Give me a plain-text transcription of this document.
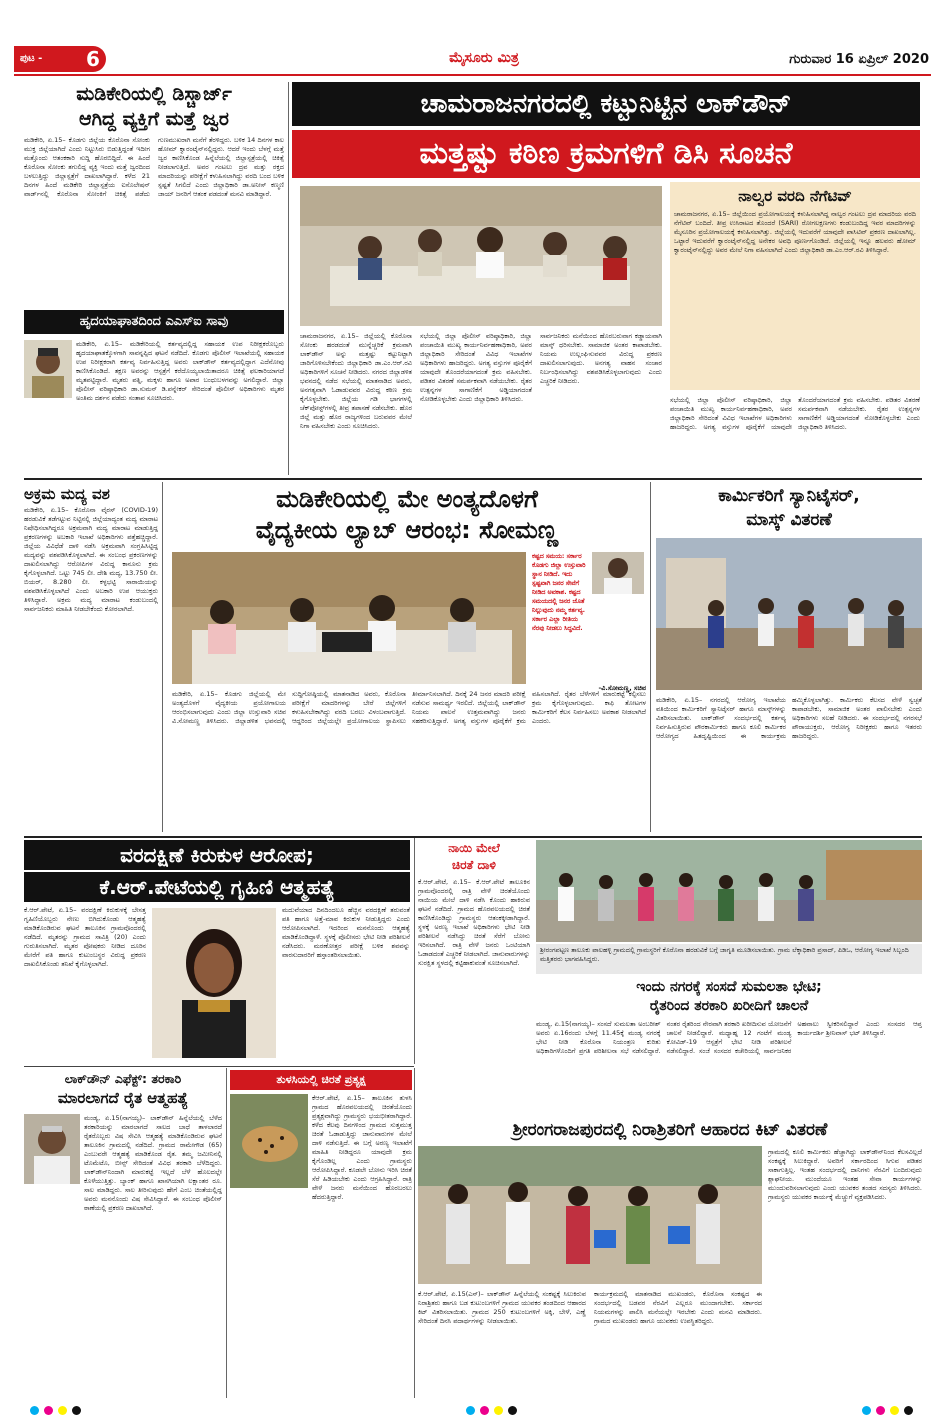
ಪುಟ - 6	ಮೈಸೂರು ಮಿತ್ರ	ಗುರುವಾರ 16 ಏಪ್ರಿಲ್ 2020
ಮಡಿಕೇರಿಯಲ್ಲಿ ಡಿಸ್ಚಾರ್ಜ್
ಆಗಿದ್ದ ವ್ಯಕ್ತಿಗೆ ಮತ್ತೆ ಜ್ವರ
ಮಡಿಕೇರಿ, ಏ.15– ಕೊಡಗು ಜಿಲ್ಲೆಯ ಕೊರೊನಾ ಸೋಂಕು ಮುಕ್ತ ಜಿಲ್ಲೆಯಾಗಿದೆ ಎಂದು ನಿಟ್ಟುಸಿರು ಬಿಡುತ್ತಿದ್ದಂತೆ ಇದೀಗ ಮತ್ತೊಂದು ಆತಂಕಕಾರಿ ಸುದ್ದಿ ಹೊರಬಿದ್ದಿದೆ. ಈ ಹಿಂದೆ ಕೊರೊನಾ ಸೋಂಕು ತಗುಲಿದ್ದ ವ್ಯಕ್ತಿ ಇಂದು ಮತ್ತೆ ಜ್ವರದಿಂದ ಬಳಲುತ್ತಿದ್ದು ಜಿಲ್ಲಾಸ್ಪತ್ರೆಗೆ ದಾಖಲಾಗಿದ್ದಾರೆ. ಕಳೆದ 21 ದಿನಗಳ ಹಿಂದೆ ಮಡಿಕೇರಿ ಜಿಲ್ಲಾಸ್ಪತ್ರೆಯ ಐಸೊಲೇಷನ್ ವಾರ್ಡ್‌ನಲ್ಲಿ ಕೊರೊನಾ ಸೋಂಕಿಗೆ ಚಿಕಿತ್ಸೆ ಪಡೆದು ಗುಣಮುಖರಾಗಿ ಮನೆಗೆ ತೆರಳಿದ್ದರು. ಬಳಿಕ 14 ದಿನಗಳ ಕಾಲ ಹೋಮ್ ಕ್ವಾರಂಟೈನ್‌ನಲ್ಲಿದ್ದರು. ಆದರೆ ಇಂದು ಬೆಳಗ್ಗೆ ಮತ್ತೆ ಜ್ವರ ಕಾಣಿಸಿಕೊಂಡ ಹಿನ್ನೆಲೆಯಲ್ಲಿ ಜಿಲ್ಲಾಸ್ಪತ್ರೆಯಲ್ಲಿ ಚಿಕಿತ್ಸೆ ನೀಡಲಾಗುತ್ತಿದೆ. ಅವರ ಗಂಟಲು ದ್ರವ ಮತ್ತು ರಕ್ತದ ಮಾದರಿಯನ್ನು ಪರೀಕ್ಷೆಗೆ ಕಳುಹಿಸಲಾಗಿದ್ದು ವರದಿ ಬಂದ ಬಳಿಕ ಸ್ಪಷ್ಟತೆ ಸಿಗಲಿದೆ ಎಂದು ಜಿಲ್ಲಾಧಿಕಾರಿ ಡಾ.ಅನೀಸ್ ಕಣ್ಮಣಿ ಜಾಯ್ ಜನರಿಗೆ ಆತಂಕ ಪಡದಂತೆ ಮನವಿ ಮಾಡಿದ್ದಾರೆ.
ಹೃದಯಾಘಾತದಿಂದ ಎಎಸ್‌ಐ ಸಾವು
ಮಡಿಕೇರಿ, ಏ.15– ಮಡಿಕೇರಿಯಲ್ಲಿ ಕರ್ತವ್ಯದಲ್ಲಿದ್ದ ಸಹಾಯಕ ಉಪ ನಿರೀಕ್ಷಕರೊಬ್ಬರು ಹೃದಯಾಘಾತಕ್ಕೊಳಗಾಗಿ ಸಾವನ್ನಪ್ಪಿದ ಘಟನೆ ನಡೆದಿದೆ. ಕೊಡಗು ಪೊಲೀಸ್ ಇಲಾಖೆಯಲ್ಲಿ ಸಹಾಯಕ ಉಪ ನಿರೀಕ್ಷಕರಾಗಿ ಕರ್ತವ್ಯ ನಿರ್ವಹಿಸುತ್ತಿದ್ದ ಅವರು ಲಾಕ್‌ಡೌನ್ ಕರ್ತವ್ಯದಲ್ಲಿದ್ದಾಗ ಎದೆನೋವು ಕಾಣಿಸಿಕೊಂಡಿದೆ. ತಕ್ಷಣ ಅವರನ್ನು ಆಸ್ಪತ್ರೆಗೆ ಕರೆದೊಯ್ಯಲಾಯಿತಾದರೂ ಚಿಕಿತ್ಸೆ ಫಲಕಾರಿಯಾಗದೆ ಮೃತಪಟ್ಟಿದ್ದಾರೆ. ಮೃತರು ಪತ್ನಿ, ಮಕ್ಕಳು ಹಾಗೂ ಅಪಾರ ಬಂಧುಬಳಗವನ್ನು ಅಗಲಿದ್ದಾರೆ. ಜಿಲ್ಲಾ ಪೊಲೀಸ್ ವರಿಷ್ಠಾಧಿಕಾರಿ ಡಾ.ಸುಮನ್ ಡಿ.ಪನ್ನೇಕರ್ ಸೇರಿದಂತೆ ಪೊಲೀಸ್ ಅಧಿಕಾರಿಗಳು ಮೃತರ ಅಂತಿಮ ದರ್ಶನ ಪಡೆದು ಸಂತಾಪ ಸೂಚಿಸಿದರು.
ಚಾಮರಾಜನಗರದಲ್ಲಿ ಕಟ್ಟುನಿಟ್ಟಿನ ಲಾಕ್‌ಡೌನ್
ಮತ್ತಷ್ಟು ಕಠಿಣ ಕ್ರಮಗಳಿಗೆ ಡಿಸಿ ಸೂಚನೆ
ಚಾಮರಾಜನಗರ, ಏ.15– ಜಿಲ್ಲೆಯಲ್ಲಿ ಕೊರೊನಾ ಸೋಂಕು ಹರಡದಂತೆ ಮುನ್ನೆಚ್ಚರಿಕೆ ಕ್ರಮವಾಗಿ ಲಾಕ್‌ಡೌನ್ ಅನ್ನು ಮತ್ತಷ್ಟು ಕಟ್ಟುನಿಟ್ಟಾಗಿ ಜಾರಿಗೊಳಿಸಬೇಕೆಂದು ಜಿಲ್ಲಾಧಿಕಾರಿ ಡಾ.ಎಂ.ಆರ್.ರವಿ ಅಧಿಕಾರಿಗಳಿಗೆ ಸೂಚನೆ ನೀಡಿದರು. ನಗರದ ಜಿಲ್ಲಾಡಳಿತ ಭವನದಲ್ಲಿ ನಡೆದ ಸಭೆಯಲ್ಲಿ ಮಾತನಾಡಿದ ಅವರು, ಅನಗತ್ಯವಾಗಿ ಓಡಾಡುವವರ ವಿರುದ್ಧ ಕಠಿಣ ಕ್ರಮ ಕೈಗೊಳ್ಳಬೇಕು. ಜಿಲ್ಲೆಯ ಗಡಿ ಭಾಗಗಳಲ್ಲಿ ಚೆಕ್‌ಪೋಸ್ಟ್‌ಗಳಲ್ಲಿ ತೀವ್ರ ತಪಾಸಣೆ ನಡೆಸಬೇಕು. ಹೊರ ಜಿಲ್ಲೆ ಮತ್ತು ಹೊರ ರಾಜ್ಯಗಳಿಂದ ಬರುವವರ ಮೇಲೆ ನಿಗಾ ವಹಿಸಬೇಕು ಎಂದು ಸೂಚಿಸಿದರು.
ಸಭೆಯಲ್ಲಿ ಜಿಲ್ಲಾ ಪೊಲೀಸ್ ವರಿಷ್ಠಾಧಿಕಾರಿ, ಜಿಲ್ಲಾ ಪಂಚಾಯಿತಿ ಮುಖ್ಯ ಕಾರ್ಯನಿರ್ವಹಣಾಧಿಕಾರಿ, ಅಪರ ಜಿಲ್ಲಾಧಿಕಾರಿ ಸೇರಿದಂತೆ ವಿವಿಧ ಇಲಾಖೆಗಳ ಅಧಿಕಾರಿಗಳು ಹಾಜರಿದ್ದರು. ಅಗತ್ಯ ವಸ್ತುಗಳ ಪೂರೈಕೆಗೆ ಯಾವುದೇ ತೊಂದರೆಯಾಗದಂತೆ ಕ್ರಮ ವಹಿಸಬೇಕು. ಪಡಿತರ ವಿತರಣೆ ಸಮರ್ಪಕವಾಗಿ ನಡೆಯಬೇಕು. ರೈತರ ಉತ್ಪನ್ನಗಳ ಸಾಗಾಣಿಕೆಗೆ ಅಡ್ಡಿಯಾಗದಂತೆ ನೋಡಿಕೊಳ್ಳಬೇಕು ಎಂದು ಜಿಲ್ಲಾಧಿಕಾರಿ ತಿಳಿಸಿದರು.
ಸಾರ್ವಜನಿಕರು ಮನೆಯಿಂದ ಹೊರಬರುವಾಗ ಕಡ್ಡಾಯವಾಗಿ ಮಾಸ್ಕ್ ಧರಿಸಬೇಕು. ಸಾಮಾಜಿಕ ಅಂತರ ಕಾಪಾಡಬೇಕು. ನಿಯಮ ಉಲ್ಲಂಘಿಸುವವರ ವಿರುದ್ಧ ಪ್ರಕರಣ ದಾಖಲಿಸಲಾಗುವುದು. ಅನಗತ್ಯ ವಾಹನ ಸಂಚಾರ ನಿರ್ಬಂಧಿಸಲಾಗಿದ್ದು ವಶಪಡಿಸಿಕೊಳ್ಳಲಾಗುವುದು ಎಂದು ಎಚ್ಚರಿಕೆ ನೀಡಿದರು.
ನಾಲ್ವರ ವರದಿ ನೆಗೆಟಿವ್
ಚಾಮರಾಜನಗರ, ಏ.15– ಜಿಲ್ಲೆಯಿಂದ ಪ್ರಯೋಗಾಲಯಕ್ಕೆ ಕಳುಹಿಸಲಾಗಿದ್ದ ನಾಲ್ವರ ಗಂಟಲು ದ್ರವ ಮಾದರಿಯ ವರದಿ ನೆಗೆಟಿವ್ ಬಂದಿದೆ. ತೀವ್ರ ಉಸಿರಾಟದ ತೊಂದರೆ (SARI) ರೋಗಲಕ್ಷಣಗಳು ಕಂಡುಬಂದಿದ್ದ ಇವರ ಮಾದರಿಗಳನ್ನು ಮೈಸೂರಿನ ಪ್ರಯೋಗಾಲಯಕ್ಕೆ ಕಳುಹಿಸಲಾಗಿತ್ತು. ಜಿಲ್ಲೆಯಲ್ಲಿ ಇದುವರೆಗೆ ಯಾವುದೇ ಪಾಸಿಟಿವ್ ಪ್ರಕರಣ ದಾಖಲಾಗಿಲ್ಲ. ಒಟ್ಟಾರೆ ಇದುವರೆಗೆ ಕ್ವಾರಂಟೈನ್‌ನಲ್ಲಿದ್ದ ಅನೇಕರ ಅವಧಿ ಪೂರ್ಣಗೊಂಡಿದೆ. ಜಿಲ್ಲೆಯಲ್ಲಿ ಇನ್ನೂ ಹಲವರು ಹೋಮ್ ಕ್ವಾರಂಟೈನ್‌ನಲ್ಲಿದ್ದು ಅವರ ಮೇಲೆ ನಿಗಾ ವಹಿಸಲಾಗಿದೆ ಎಂದು ಜಿಲ್ಲಾಧಿಕಾರಿ ಡಾ.ಎಂ.ಆರ್.ರವಿ ತಿಳಿಸಿದ್ದಾರೆ.
ಸಭೆಯಲ್ಲಿ ಜಿಲ್ಲಾ ಪೊಲೀಸ್ ವರಿಷ್ಠಾಧಿಕಾರಿ, ಜಿಲ್ಲಾ ಪಂಚಾಯಿತಿ ಮುಖ್ಯ ಕಾರ್ಯನಿರ್ವಹಣಾಧಿಕಾರಿ, ಅಪರ ಜಿಲ್ಲಾಧಿಕಾರಿ ಸೇರಿದಂತೆ ವಿವಿಧ ಇಲಾಖೆಗಳ ಅಧಿಕಾರಿಗಳು ಹಾಜರಿದ್ದರು. ಅಗತ್ಯ ವಸ್ತುಗಳ ಪೂರೈಕೆಗೆ ಯಾವುದೇ ತೊಂದರೆಯಾಗದಂತೆ ಕ್ರಮ ವಹಿಸಬೇಕು. ಪಡಿತರ ವಿತರಣೆ ಸಮರ್ಪಕವಾಗಿ ನಡೆಯಬೇಕು. ರೈತರ ಉತ್ಪನ್ನಗಳ ಸಾಗಾಣಿಕೆಗೆ ಅಡ್ಡಿಯಾಗದಂತೆ ನೋಡಿಕೊಳ್ಳಬೇಕು ಎಂದು ಜಿಲ್ಲಾಧಿಕಾರಿ ತಿಳಿಸಿದರು.
ಅಕ್ರಮ ಮದ್ಯ ವಶ
ಮಡಿಕೇರಿ, ಏ.15– ಕೊರೊನಾ ವೈರಸ್ (COVID-19) ಹರಡುವಿಕೆ ತಡೆಗಟ್ಟುವ ನಿಟ್ಟಿನಲ್ಲಿ ಜಿಲ್ಲೆಯಾದ್ಯಂತ ಮದ್ಯ ಮಾರಾಟ ನಿಷೇಧಿಸಲಾಗಿದ್ದರೂ ಅಕ್ರಮವಾಗಿ ಮದ್ಯ ಮಾರಾಟ ಮಾಡುತ್ತಿದ್ದ ಪ್ರಕರಣಗಳನ್ನು ಅಬಕಾರಿ ಇಲಾಖೆ ಅಧಿಕಾರಿಗಳು ಪತ್ತೆಹಚ್ಚಿದ್ದಾರೆ. ಜಿಲ್ಲೆಯ ವಿವಿಧೆಡೆ ದಾಳಿ ನಡೆಸಿ ಅಕ್ರಮವಾಗಿ ಸಂಗ್ರಹಿಸಿಟ್ಟಿದ್ದ ಮದ್ಯವನ್ನು ವಶಪಡಿಸಿಕೊಳ್ಳಲಾಗಿದೆ. ಈ ಸಂಬಂಧ ಪ್ರಕರಣಗಳನ್ನು ದಾಖಲಿಸಲಾಗಿದ್ದು ಆರೋಪಿಗಳ ವಿರುದ್ಧ ಕಾನೂನು ಕ್ರಮ ಕೈಗೊಳ್ಳಲಾಗಿದೆ. ಒಟ್ಟು 745 ಲೀ. ದೇಶಿ ಮದ್ಯ, 13.750 ಲೀ. ಬಿಯರ್, 8.280 ಲೀ. ಕಳ್ಳಭಟ್ಟಿ ಸಾರಾಯಿಯನ್ನು ವಶಪಡಿಸಿಕೊಳ್ಳಲಾಗಿದೆ ಎಂದು ಅಬಕಾರಿ ಉಪ ಆಯುಕ್ತರು ತಿಳಿಸಿದ್ದಾರೆ. ಅಕ್ರಮ ಮದ್ಯ ಮಾರಾಟ ಕಂಡುಬಂದಲ್ಲಿ ಸಾರ್ವಜನಿಕರು ಮಾಹಿತಿ ನೀಡಬೇಕೆಂದು ಕೋರಲಾಗಿದೆ.
ಮಡಿಕೇರಿಯಲ್ಲಿ ಮೇ ಅಂತ್ಯದೊಳಗೆ
ವೈದ್ಯಕೀಯ ಲ್ಯಾಬ್ ಆರಂಭ: ಸೋಮಣ್ಣ
ಕಷ್ಟದ ಸಮಯ: ಸರ್ಕಾರ ಕೊಡಗು ಜಿಲ್ಲಾ ಉಸ್ತುವಾರಿ ಸ್ಥಾನ ನೀಡಿದೆ. ಇದು ಸ್ಪಷ್ಟವಾಗಿ ಜನರ ಸೇವೆಗೆ ನೀಡಿದ ಅವಕಾಶ. ಕಷ್ಟದ ಸಮಯದಲ್ಲಿ ಜನರ ಜೊತೆ ನಿಲ್ಲುವುದು ನಮ್ಮ ಕರ್ತವ್ಯ. ಸರ್ಕಾರ ಎಲ್ಲಾ ರೀತಿಯ ನೆರವು ನೀಡಲು ಸಿದ್ಧವಿದೆ.
-ವಿ.ಸೋಮಣ್ಣ, ಸಚಿವ
ಮಡಿಕೇರಿ, ಏ.15– ಕೊಡಗು ಜಿಲ್ಲೆಯಲ್ಲಿ ಮೇ ಅಂತ್ಯದೊಳಗೆ ವೈದ್ಯಕೀಯ ಪ್ರಯೋಗಾಲಯ ಆರಂಭಿಸಲಾಗುವುದು ಎಂದು ಜಿಲ್ಲಾ ಉಸ್ತುವಾರಿ ಸಚಿವ ವಿ.ಸೋಮಣ್ಣ ತಿಳಿಸಿದರು. ಜಿಲ್ಲಾಡಳಿತ ಭವನದಲ್ಲಿ ಸುದ್ದಿಗೋಷ್ಠಿಯಲ್ಲಿ ಮಾತನಾಡಿದ ಅವರು, ಕೊರೊನಾ ಪರೀಕ್ಷೆಗೆ ಮಾದರಿಗಳನ್ನು ಬೇರೆ ಜಿಲ್ಲೆಗಳಿಗೆ ಕಳುಹಿಸಬೇಕಾಗಿದ್ದು ವರದಿ ಬರಲು ವಿಳಂಬವಾಗುತ್ತಿದೆ. ಆದ್ದರಿಂದ ಜಿಲ್ಲೆಯಲ್ಲೇ ಪ್ರಯೋಗಾಲಯ ಸ್ಥಾಪಿಸಲು ತೀರ್ಮಾನಿಸಲಾಗಿದೆ. ದಿನಕ್ಕೆ 24 ಜನರ ಮಾದರಿ ಪರೀಕ್ಷೆ ನಡೆಸುವ ಸಾಮರ್ಥ್ಯ ಇರಲಿದೆ. ಜಿಲ್ಲೆಯಲ್ಲಿ ಲಾಕ್‌ಡೌನ್ ನಿಯಮ ಪಾಲನೆ ಉತ್ತಮವಾಗಿದ್ದು ಜನರು ಸಹಕರಿಸುತ್ತಿದ್ದಾರೆ. ಅಗತ್ಯ ವಸ್ತುಗಳ ಪೂರೈಕೆಗೆ ಕ್ರಮ ವಹಿಸಲಾಗಿದೆ. ರೈತರ ಬೆಳೆಗಳಿಗೆ ಮಾರುಕಟ್ಟೆ ಕಲ್ಪಿಸಲು ಕ್ರಮ ಕೈಗೊಳ್ಳಲಾಗುವುದು. ಕಾಫಿ ತೋಟಗಳ ಕಾರ್ಮಿಕರಿಗೆ ಕೆಲಸ ನಿರ್ವಹಿಸಲು ಅವಕಾಶ ನೀಡಲಾಗಿದೆ ಎಂದರು.
ಕಾರ್ಮಿಕರಿಗೆ ಸ್ಯಾನಿಟೈಸರ್,
ಮಾಸ್ಕ್ ವಿತರಣೆ
ಮಡಿಕೇರಿ, ಏ.15– ನಗರದಲ್ಲಿ ಆರೋಗ್ಯ ಇಲಾಖೆಯ ವತಿಯಿಂದ ಕಾರ್ಮಿಕರಿಗೆ ಸ್ಯಾನಿಟೈಸರ್ ಹಾಗೂ ಮಾಸ್ಕ್‌ಗಳನ್ನು ವಿತರಿಸಲಾಯಿತು. ಲಾಕ್‌ಡೌನ್ ಸಂದರ್ಭದಲ್ಲಿ ಕರ್ತವ್ಯ ನಿರ್ವಹಿಸುತ್ತಿರುವ ಪೌರಕಾರ್ಮಿಕರು ಹಾಗೂ ಕೂಲಿ ಕಾರ್ಮಿಕರ ಆರೋಗ್ಯದ ಹಿತದೃಷ್ಟಿಯಿಂದ ಈ ಕಾರ್ಯಕ್ರಮ ಹಮ್ಮಿಕೊಳ್ಳಲಾಗಿತ್ತು. ಕಾರ್ಮಿಕರು ಕೆಲಸದ ವೇಳೆ ಸ್ವಚ್ಛತೆ ಕಾಪಾಡಬೇಕು, ಸಾಮಾಜಿಕ ಅಂತರ ಪಾಲಿಸಬೇಕು ಎಂದು ಅಧಿಕಾರಿಗಳು ಸಲಹೆ ನೀಡಿದರು. ಈ ಸಂದರ್ಭದಲ್ಲಿ ನಗರಸಭೆ ಪೌರಾಯುಕ್ತರು, ಆರೋಗ್ಯ ನಿರೀಕ್ಷಕರು ಹಾಗೂ ಇತರರು ಹಾಜರಿದ್ದರು.
ವರದಕ್ಷಿಣೆ ಕಿರುಕುಳ ಆರೋಪ;
ಕೆ.ಆರ್.ಪೇಟೆಯಲ್ಲಿ ಗೃಹಿಣಿ ಆತ್ಮಹತ್ಯೆ
ಕೆ.ಆರ್.ಪೇಟೆ, ಏ.15– ವರದಕ್ಷಿಣೆ ಕಿರುಕುಳಕ್ಕೆ ಬೇಸತ್ತ ಗೃಹಿಣಿಯೊಬ್ಬರು ನೇಣು ಬಿಗಿದುಕೊಂಡು ಆತ್ಮಹತ್ಯೆ ಮಾಡಿಕೊಂಡಿರುವ ಘಟನೆ ತಾಲೂಕಿನ ಗ್ರಾಮವೊಂದರಲ್ಲಿ ನಡೆದಿದೆ. ಮೃತರನ್ನು ಗ್ರಾಮದ ಸಾವಿತ್ರಿ (20) ಎಂದು ಗುರುತಿಸಲಾಗಿದೆ. ಮೃತರ ಪೋಷಕರು ನೀಡಿದ ದೂರಿನ ಮೇರೆಗೆ ಪತಿ ಹಾಗೂ ಕುಟುಂಬಸ್ಥರ ವಿರುದ್ಧ ಪ್ರಕರಣ ದಾಖಲಿಸಿಕೊಂಡು ತನಿಖೆ ಕೈಗೊಳ್ಳಲಾಗಿದೆ.
ಮದುವೆಯಾದ ದಿನದಿಂದಲೂ ಹೆಚ್ಚಿನ ವರದಕ್ಷಿಣೆ ತರುವಂತೆ ಪತಿ ಹಾಗೂ ಅತ್ತೆ-ಮಾವ ಕಿರುಕುಳ ನೀಡುತ್ತಿದ್ದರು ಎಂದು ಆರೋಪಿಸಲಾಗಿದೆ. ಇದರಿಂದ ಮನನೊಂದು ಆತ್ಮಹತ್ಯೆ ಮಾಡಿಕೊಂಡಿದ್ದಾಳೆ. ಸ್ಥಳಕ್ಕೆ ಪೊಲೀಸರು ಭೇಟಿ ನೀಡಿ ಪರಿಶೀಲನೆ ನಡೆಸಿದರು. ಮರಣೋತ್ತರ ಪರೀಕ್ಷೆ ಬಳಿಕ ಶವವನ್ನು ವಾರಸುದಾರರಿಗೆ ಹಸ್ತಾಂತರಿಸಲಾಯಿತು.
ನಾಯಿ ಮೇಲೆ
ಚಿರತೆ ದಾಳಿ
ಕೆ.ಆರ್.ಪೇಟೆ, ಏ.15– ಕೆ.ಆರ್.ಪೇಟೆ ತಾಲೂಕಿನ ಗ್ರಾಮವೊಂದರಲ್ಲಿ ರಾತ್ರಿ ವೇಳೆ ಚಿರತೆಯೊಂದು ನಾಯಿಯ ಮೇಲೆ ದಾಳಿ ನಡೆಸಿ ಕೊಂದು ಹಾಕಿರುವ ಘಟನೆ ನಡೆದಿದೆ. ಗ್ರಾಮದ ಹೊರವಲಯದಲ್ಲಿ ಚಿರತೆ ಕಾಣಿಸಿಕೊಂಡಿದ್ದು ಗ್ರಾಮಸ್ಥರು ಆತಂಕಕ್ಕೀಡಾಗಿದ್ದಾರೆ. ಸ್ಥಳಕ್ಕೆ ಅರಣ್ಯ ಇಲಾಖೆ ಅಧಿಕಾರಿಗಳು ಭೇಟಿ ನೀಡಿ ಪರಿಶೀಲನೆ ನಡೆಸಿದ್ದು ಚಿರತೆ ಸೆರೆಗೆ ಬೋನು ಇರಿಸಲಾಗಿದೆ. ರಾತ್ರಿ ವೇಳೆ ಜನರು ಒಂಟಿಯಾಗಿ ಓಡಾಡದಂತೆ ಎಚ್ಚರಿಕೆ ನೀಡಲಾಗಿದೆ. ಜಾನುವಾರುಗಳನ್ನು ಸುರಕ್ಷಿತ ಸ್ಥಳದಲ್ಲಿ ಕಟ್ಟಿಹಾಕುವಂತೆ ಸೂಚಿಸಲಾಗಿದೆ.
ಶ್ರೀರಂಗಪಟ್ಟಣ ತಾಲೂಕು ಪಾಲಹಳ್ಳಿ ಗ್ರಾಮದಲ್ಲಿ ಗ್ರಾಮಸ್ಥರಿಗೆ ಕೊರೊನಾ ಹರಡುವಿಕೆ ಬಗ್ಗೆ ಜಾಗೃತಿ ಮೂಡಿಸಲಾಯಿತು. ಗ್ರಾಮ ಲೆಕ್ಕಾಧಿಕಾರಿ ಪ್ರಸಾದ್, ಪಿಡಿಒ, ಆರೋಗ್ಯ ಇಲಾಖೆ ಸಿಬ್ಬಂದಿ ಮತ್ತಿತರರು ಭಾಗವಹಿಸಿದ್ದರು.
ಇಂದು ನಗರಕ್ಕೆ ಸಂಸದೆ ಸುಮಲತಾ ಭೇಟಿ;
ರೈತರಿಂದ ತರಕಾರಿ ಖರೀದಿಗೆ ಚಾಲನೆ
ಮಂಡ್ಯ, ಏ.15(ನಾಗಯ್ಯ)– ಸಂಸದೆ ಸುಮಲತಾ ಅಂಬರೀಶ್ ಅವರು ಏ.16ರಂದು ಬೆಳಗ್ಗೆ 11.45ಕ್ಕೆ ಮಂಡ್ಯ ನಗರಕ್ಕೆ ಭೇಟಿ ನೀಡಿ ಕೊರೊನಾ ನಿಯಂತ್ರಣ ಕುರಿತು ಅಧಿಕಾರಿಗಳೊಂದಿಗೆ ಪ್ರಗತಿ ಪರಿಶೀಲನಾ ಸಭೆ ನಡೆಸಲಿದ್ದಾರೆ. ನಂತರ ರೈತರಿಂದ ನೇರವಾಗಿ ತರಕಾರಿ ಖರೀದಿಸುವ ಯೋಜನೆಗೆ ಚಾಲನೆ ನೀಡಲಿದ್ದಾರೆ. ಮಧ್ಯಾಹ್ನ 12 ಗಂಟೆಗೆ ಮಂಡ್ಯ ಕೋವಿಡ್-19 ಆಸ್ಪತ್ರೆಗೆ ಭೇಟಿ ನೀಡಿ ಪರಿಶೀಲನೆ ನಡೆಸಲಿದ್ದಾರೆ. ಸಂಜೆ ಸಂಸದರ ಕಚೇರಿಯಲ್ಲಿ ಸಾರ್ವಜನಿಕರ ಅಹವಾಲು ಸ್ವೀಕರಿಸಲಿದ್ದಾರೆ ಎಂದು ಸಂಸದರ ಆಪ್ತ ಕಾರ್ಯದರ್ಶಿ ಶ್ರೀನಿವಾಸ್ ಭಟ್ ತಿಳಿಸಿದ್ದಾರೆ.
ಲಾಕ್‌ಡೌನ್ ಎಫೆಕ್ಟ್: ತರಕಾರಿ
ಮಾರಲಾಗದೆ ರೈತ ಆತ್ಮಹತ್ಯೆ
ಮಂಡ್ಯ, ಏ.15(ನಾಗಯ್ಯ)– ಲಾಕ್‌ಡೌನ್ ಹಿನ್ನೆಲೆಯಲ್ಲಿ ಬೆಳೆದ ತರಕಾರಿಯನ್ನು ಮಾರಲಾಗದೆ ಸಾಲದ ಬಾಧೆ ತಾಳಲಾರದೆ ರೈತರೊಬ್ಬರು ವಿಷ ಸೇವಿಸಿ ಆತ್ಮಹತ್ಯೆ ಮಾಡಿಕೊಂಡಿರುವ ಘಟನೆ ತಾಲೂಕಿನ ಗ್ರಾಮದಲ್ಲಿ ನಡೆದಿದೆ. ಗ್ರಾಮದ ರಾಮೇಗೌಡ (65) ಎಂಬುವರೇ ಆತ್ಮಹತ್ಯೆ ಮಾಡಿಕೊಂಡ ರೈತ. ತಮ್ಮ ಜಮೀನಿನಲ್ಲಿ ಟೊಮೆಟೊ, ಬೀನ್ಸ್ ಸೇರಿದಂತೆ ವಿವಿಧ ತರಕಾರಿ ಬೆಳೆದಿದ್ದರು. ಲಾಕ್‌ಡೌನ್‌ನಿಂದಾಗಿ ಮಾರುಕಟ್ಟೆ ಇಲ್ಲದೆ ಬೆಳೆ ಹೊಲದಲ್ಲೇ ಕೊಳೆಯುತ್ತಿತ್ತು. ಬ್ಯಾಂಕ್ ಹಾಗೂ ಖಾಸಗಿಯಾಗಿ ಲಕ್ಷಾಂತರ ರೂ. ಸಾಲ ಮಾಡಿದ್ದರು. ಸಾಲ ತೀರಿಸುವುದು ಹೇಗೆ ಎಂಬ ಚಿಂತೆಯಲ್ಲಿದ್ದ ಅವರು ಮನನೊಂದು ವಿಷ ಸೇವಿಸಿದ್ದಾರೆ. ಈ ಸಂಬಂಧ ಪೊಲೀಸ್ ಠಾಣೆಯಲ್ಲಿ ಪ್ರಕರಣ ದಾಖಲಾಗಿದೆ.
ತುಳಸಿಯಲ್ಲಿ ಚಿರತೆ ಪ್ರತ್ಯಕ್ಷ
ಕೆಆರ್.ಪೇಟೆ, ಏ.15– ತಾಲೂಕಿನ ತುಳಸಿ ಗ್ರಾಮದ ಹೊರವಲಯದಲ್ಲಿ ಚಿರತೆಯೊಂದು ಪ್ರತ್ಯಕ್ಷವಾಗಿದ್ದು ಗ್ರಾಮಸ್ಥರು ಭಯಭೀತರಾಗಿದ್ದಾರೆ. ಕಳೆದ ಕೆಲವು ದಿನಗಳಿಂದ ಗ್ರಾಮದ ಸುತ್ತಮುತ್ತ ಚಿರತೆ ಓಡಾಡುತ್ತಿದ್ದು ಜಾನುವಾರುಗಳ ಮೇಲೆ ದಾಳಿ ನಡೆಸುತ್ತಿದೆ. ಈ ಬಗ್ಗೆ ಅರಣ್ಯ ಇಲಾಖೆಗೆ ಮಾಹಿತಿ ನೀಡಿದ್ದರೂ ಯಾವುದೇ ಕ್ರಮ ಕೈಗೊಂಡಿಲ್ಲ ಎಂದು ಗ್ರಾಮಸ್ಥರು ಆರೋಪಿಸಿದ್ದಾರೆ. ಕೂಡಲೇ ಬೋನು ಇರಿಸಿ ಚಿರತೆ ಸೆರೆ ಹಿಡಿಯಬೇಕು ಎಂದು ಆಗ್ರಹಿಸಿದ್ದಾರೆ. ರಾತ್ರಿ ವೇಳೆ ಜನರು ಮನೆಯಿಂದ ಹೊರಬರಲು ಹೆದರುತ್ತಿದ್ದಾರೆ.
ಶ್ರೀರಂಗರಾಜಪುರದಲ್ಲಿ ನಿರಾಶ್ರಿತರಿಗೆ ಆಹಾರದ ಕಿಟ್ ವಿತರಣೆ
ಕೆ.ಆರ್.ಪೇಟೆ, ಏ.15(ಎಸ್)– ಲಾಕ್‌ಡೌನ್ ಹಿನ್ನೆಲೆಯಲ್ಲಿ ಸಂಕಷ್ಟಕ್ಕೆ ಸಿಲುಕಿರುವ ನಿರಾಶ್ರಿತರು ಹಾಗೂ ಬಡ ಕುಟುಂಬಗಳಿಗೆ ಗ್ರಾಮದ ಯುವಕರ ತಂಡದಿಂದ ಆಹಾರದ ಕಿಟ್ ವಿತರಿಸಲಾಯಿತು. ಗ್ರಾಮದ 250 ಕುಟುಂಬಗಳಿಗೆ ಅಕ್ಕಿ, ಬೇಳೆ, ಎಣ್ಣೆ ಸೇರಿದಂತೆ ದಿನಸಿ ಪದಾರ್ಥಗಳನ್ನು ನೀಡಲಾಯಿತು.
ಕಾರ್ಯಕ್ರಮದಲ್ಲಿ ಮಾತನಾಡಿದ ಮುಖಂಡರು, ಕೊರೊನಾ ಸಂಕಷ್ಟದ ಈ ಸಂದರ್ಭದಲ್ಲಿ ಬಡವರ ನೆರವಿಗೆ ಎಲ್ಲರೂ ಮುಂದಾಗಬೇಕು. ಸರ್ಕಾರದ ನಿಯಮಗಳನ್ನು ಪಾಲಿಸಿ ಮನೆಯಲ್ಲೇ ಇರಬೇಕು ಎಂದು ಮನವಿ ಮಾಡಿದರು. ಗ್ರಾಮದ ಮುಖಂಡರು ಹಾಗೂ ಯುವಕರು ಉಪಸ್ಥಿತರಿದ್ದರು.
ಗ್ರಾಮದಲ್ಲಿ ಕೂಲಿ ಕಾರ್ಮಿಕರು ಹೆಚ್ಚಾಗಿದ್ದು ಲಾಕ್‌ಡೌನ್‌ನಿಂದ ಕೆಲಸವಿಲ್ಲದೆ ಸಂಕಷ್ಟಕ್ಕೆ ಸಿಲುಕಿದ್ದಾರೆ. ಅವರಿಗೆ ಸರ್ಕಾರದಿಂದ ಸಿಗುವ ಪಡಿತರ ಸಾಕಾಗುತ್ತಿಲ್ಲ. ಇಂತಹ ಸಂದರ್ಭದಲ್ಲಿ ದಾನಿಗಳು ನೆರವಿಗೆ ಬಂದಿರುವುದು ಶ್ಲಾಘನೀಯ. ಮುಂದೆಯೂ ಇಂತಹ ಸೇವಾ ಕಾರ್ಯಗಳನ್ನು ಮುಂದುವರಿಸಲಾಗುವುದು ಎಂದು ಯುವಕರ ತಂಡದ ಸದಸ್ಯರು ತಿಳಿಸಿದರು. ಗ್ರಾಮಸ್ಥರು ಯುವಕರ ಕಾರ್ಯಕ್ಕೆ ಮೆಚ್ಚುಗೆ ವ್ಯಕ್ತಪಡಿಸಿದರು.
